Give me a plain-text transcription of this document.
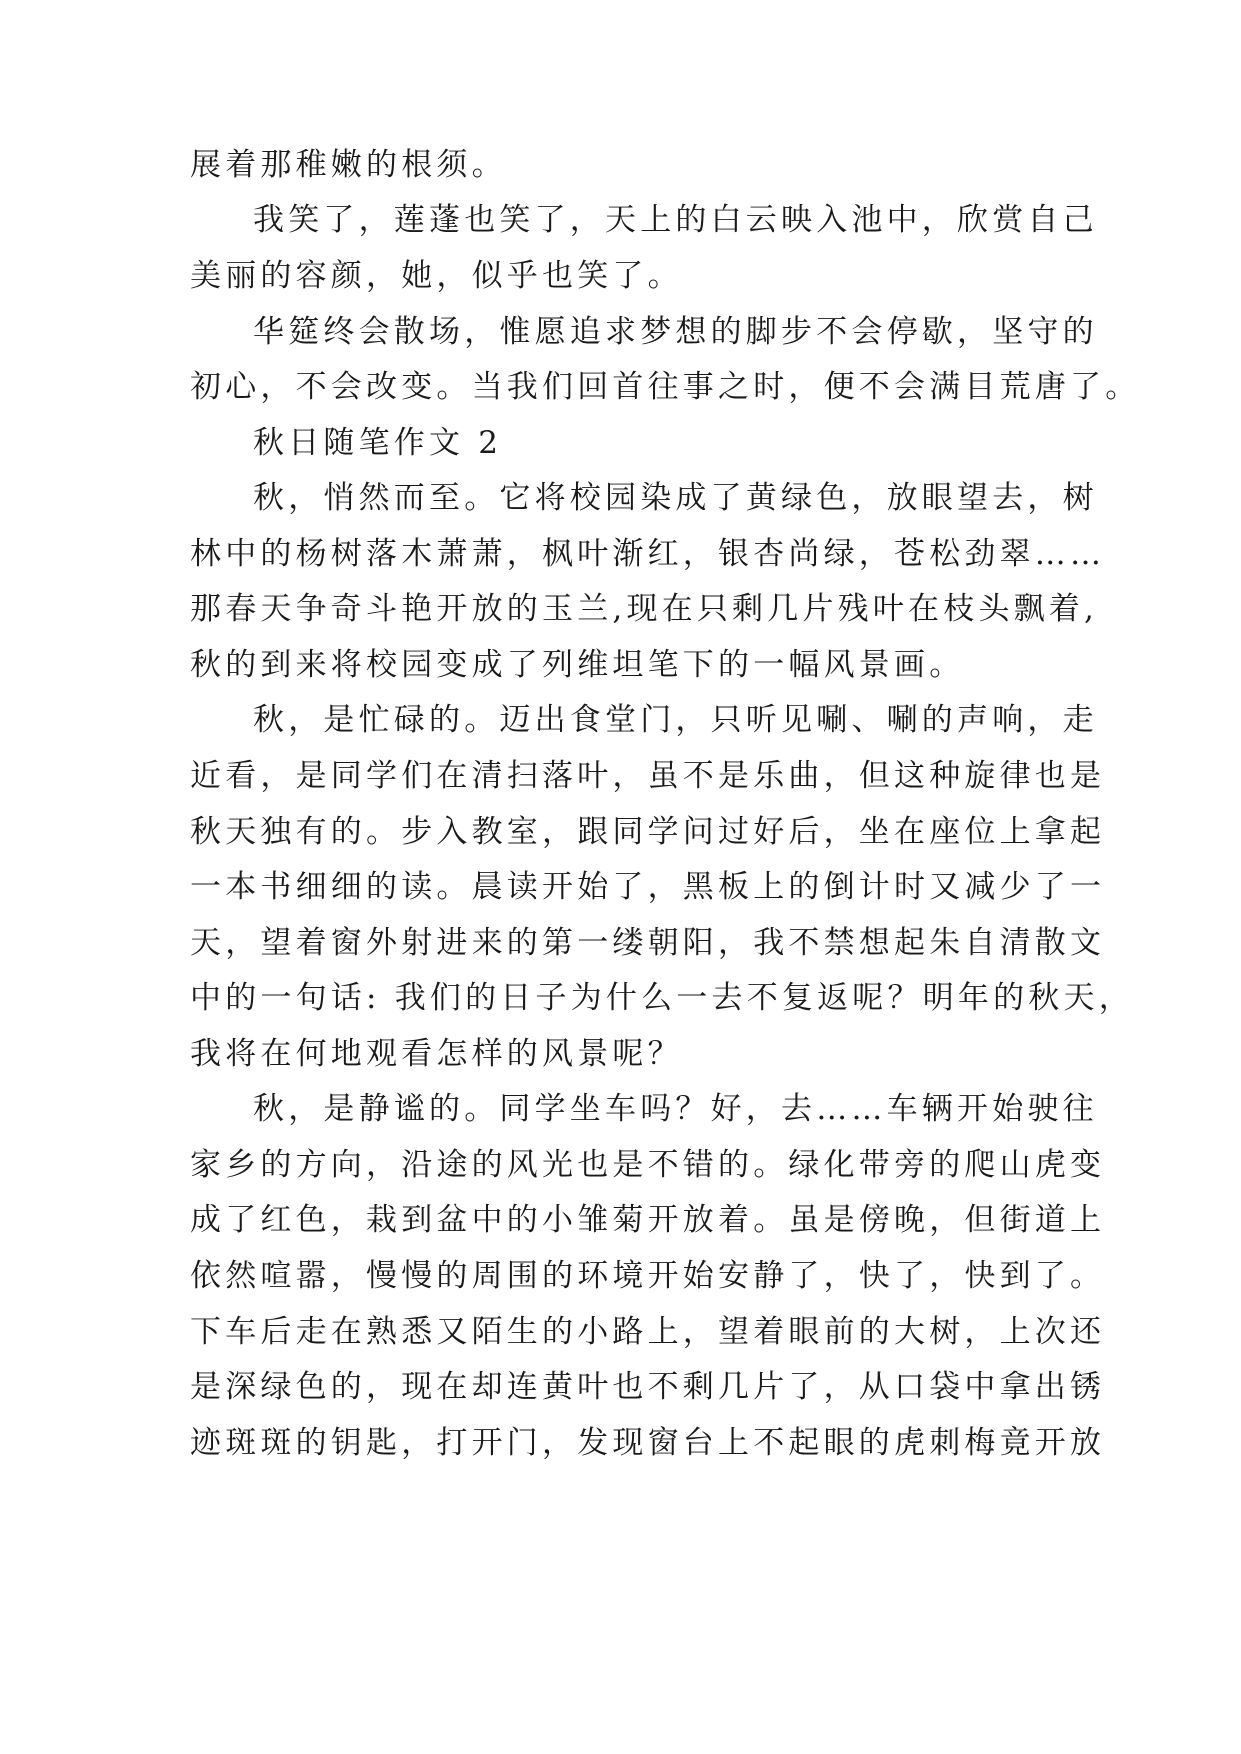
展着那稚嫩的根须。
我笑了，莲蓬也笑了，天上的白云映入池中，欣赏自己
美丽的容颜，她，似乎也笑了。
华筵终会散场，惟愿追求梦想的脚步不会停歇，坚守的
初心，不会改变。当我们回首往事之时，便不会满目荒唐了。
秋日随笔作文 2
秋，悄然而至。它将校园染成了黄绿色，放眼望去，树
林中的杨树落木萧萧，枫叶渐红，银杏尚绿，苍松劲翠……
那春天争奇斗艳开放的玉兰,现在只剩几片残叶在枝头飘着,
秋的到来将校园变成了列维坦笔下的一幅风景画。
秋，是忙碌的。迈出食堂门，只听见唰、唰的声响，走
近看，是同学们在清扫落叶，虽不是乐曲，但这种旋律也是
秋天独有的。步入教室，跟同学问过好后，坐在座位上拿起
一本书细细的读。晨读开始了，黑板上的倒计时又减少了一
天，望着窗外射进来的第一缕朝阳，我不禁想起朱自清散文
中的一句话: 我们的日子为什么一去不复返呢？明年的秋天，
我将在何地观看怎样的风景呢？
秋，是静谧的。同学坐车吗？好，去……车辆开始驶往
家乡的方向，沿途的风光也是不错的。绿化带旁的爬山虎变
成了红色，栽到盆中的小雏菊开放着。虽是傍晚，但街道上
依然喧嚣，慢慢的周围的环境开始安静了，快了，快到了。
下车后走在熟悉又陌生的小路上，望着眼前的大树，上次还
是深绿色的，现在却连黄叶也不剩几片了，从口袋中拿出锈
迹斑斑的钥匙，打开门，发现窗台上不起眼的虎刺梅竟开放
